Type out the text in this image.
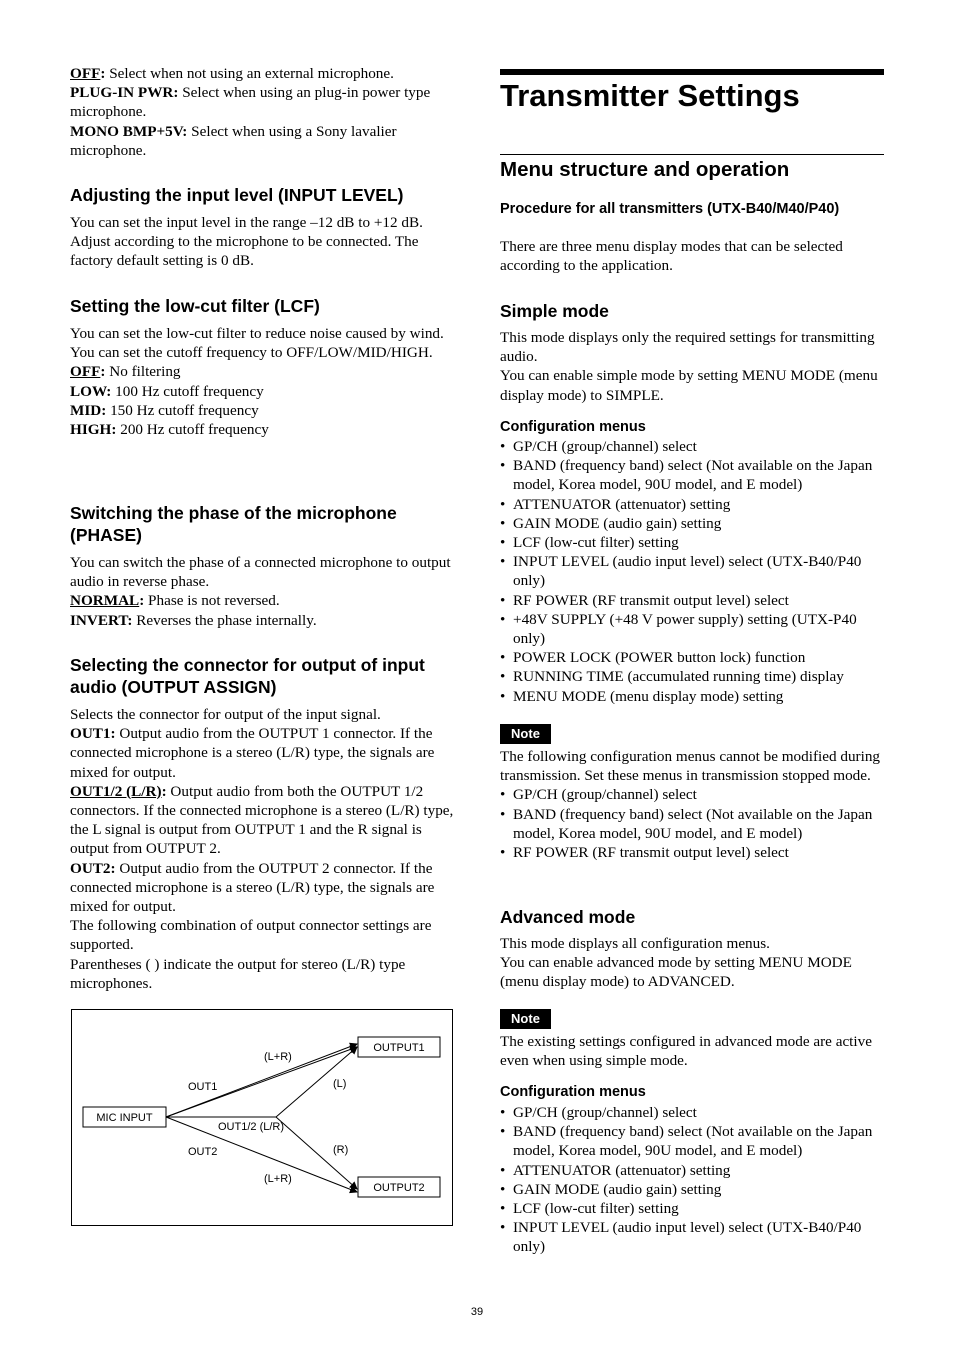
OFF: Select when not using an external microphone.

PLUG-IN PWR: Select when using an plug-in power type microphone.

MONO BMP+5V: Select when using a Sony lavalier microphone.

Adjusting the input level (INPUT LEVEL)

You can set the input level in the range –12 dB to +12 dB. Adjust according to the microphone to be connected. The factory default setting is 0 dB.

Setting the low-cut filter (LCF)

You can set the low-cut filter to reduce noise caused by wind.

You can set the cutoff frequency to OFF/LOW/MID/HIGH.

OFF: No filtering

LOW: 100 Hz cutoff frequency

MID: 150 Hz cutoff frequency

HIGH: 200 Hz cutoff frequency

Switching the phase of the microphone (PHASE)

You can switch the phase of a connected microphone to output audio in reverse phase.

NORMAL: Phase is not reversed.

INVERT: Reverses the phase internally.

Selecting the connector for output of input audio (OUTPUT ASSIGN)

Selects the connector for output of the input signal.

OUT1: Output audio from the OUTPUT 1 connector. If the connected microphone is a stereo (L/R) type, the signals are mixed for output.

OUT1/2 (L/R): Output audio from both the OUTPUT 1/2 connectors. If the connected microphone is a stereo (L/R) type, the L signal is output from OUTPUT 1 and the R signal is output from OUTPUT 2.

OUT2: Output audio from the OUTPUT 2 connector. If the connected microphone is a stereo (L/R) type, the signals are mixed for output.

The following combination of output connector settings are supported.

Parentheses ( ) indicate the output for stereo (L/R) type microphones.

MIC INPUT
OUTPUT1
OUTPUT2
OUT1
OUT2
OUT1/2 (L/R)
(L+R)
(L+R)
(L)
(R)
Transmitter Settings
Menu structure and operation
Procedure for all transmitters (UTX-B40/M40/P40)

There are three menu display modes that can be selected according to the application.

Simple mode

This mode displays only the required settings for transmitting audio.

You can enable simple mode by setting MENU MODE (menu display mode) to SIMPLE.

Configuration menus
• GP/CH (group/channel) select
• BAND (frequency band) select (Not available on the Japan model, Korea model, 90U model, and E model)
• ATTENUATOR (attenuator) setting
• GAIN MODE (audio gain) setting
• LCF (low-cut filter) setting
• INPUT LEVEL (audio input level) select (UTX-B40/P40 only)
• RF POWER (RF transmit output level) select
• +48V SUPPLY (+48 V power supply) setting (UTX-P40 only)
• POWER LOCK (POWER button lock) function
• RUNNING TIME (accumulated running time) display
• MENU MODE (menu display mode) setting
Note

The following configuration menus cannot be modified during transmission. Set these menus in transmission stopped mode.

• GP/CH (group/channel) select
• BAND (frequency band) select (Not available on the Japan model, Korea model, 90U model, and E model)
• RF POWER (RF transmit output level) select
Advanced mode

This mode displays all configuration menus.

You can enable advanced mode by setting MENU MODE (menu display mode) to ADVANCED.

Note

The existing settings configured in advanced mode are active even when using simple mode.

Configuration menus
• GP/CH (group/channel) select
• BAND (frequency band) select (Not available on the Japan model, Korea model, 90U model, and E model)
• ATTENUATOR (attenuator) setting
• GAIN MODE (audio gain) setting
• LCF (low-cut filter) setting
• INPUT LEVEL (audio input level) select (UTX-B40/P40 only)
39
